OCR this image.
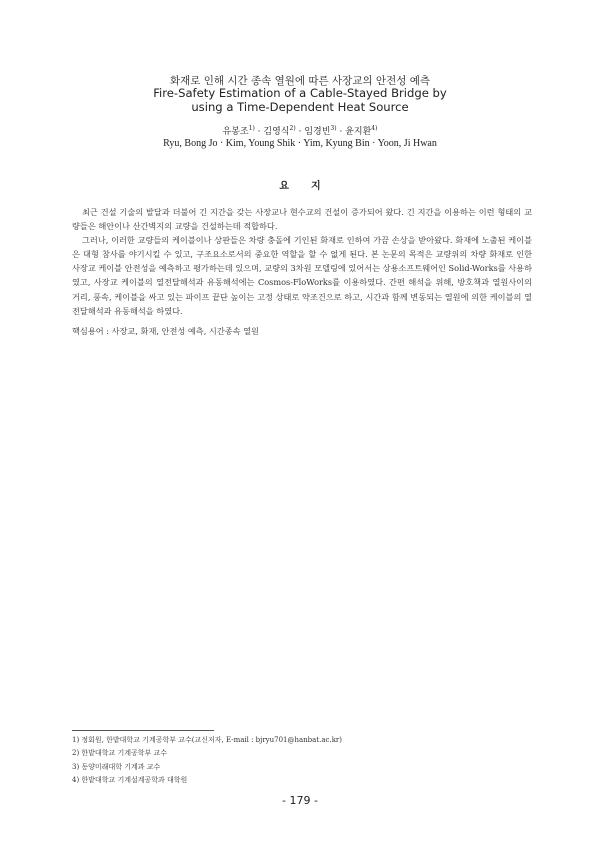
화재로 인해 시간 종속 열원에 따른 사장교의 안전성 예측
Fire-Safety Estimation of a Cable-Stayed Bridge by
using a Time-Dependent Heat Source
유봉조$^{1)}$ · 김영식$^{2)}$ · 임경빈$^{3)}$ · 윤지환$^{4)}$
Ryu, Bong Jo · Kim, Young Shik · Yim, Kyung Bin · Yoon, Ji Hwan
요지

최근 건설 기술의 발달과 더불어 긴 지간을 갖는 사장교나 현수교의 건설이 증가되어 왔다. 긴 지간을 이용하는 이런 형태의 교량들은 해안이나 산간벽지의 교량을 건설하는데 적합하다.

그러나, 이러한 교량들의 케이블이나 상판들은 차량 충돌에 기인된 화재로 인하여 가끔 손상을 받아왔다. 화재에 노출된 케이블은 대형 참사를 야기시킬 수 있고, 구조요소로서의 중요한 역할을 할 수 없게 된다. 본 논문의 목적은 교량위의 차량 화재로 인한 사장교 케이블 안전성을 예측하고 평가하는데 있으며, 교량의 3차원 모델링에 있어서는 상용소프트웨어인 Solid-Works를 사용하였고, 사장교 케이블의 열전달해석과 유동해석에는 Cosmos-FloWorks를 이용하였다. 간편 해석을 위해, 방호책과 열원사이의 거리, 풍속, 케이블을 싸고 있는 파이프 끝단 높이는 고정 상태로 약조건으로 하고, 시간과 함께 변동되는 열원에 의한 케이블의 열전달해석과 유동해석을 하였다.

핵심용어 : 사장교, 화재, 안전성 예측, 시간종속 열원
1) 정회원, 한밭대학교 기계공학부 교수(교신저자, E-mail : bjryu701@hanbat.ac.kr)
2) 한밭대학교 기계공학부 교수
3) 동양미래대학 기계과 교수
4) 한밭대학교 기계설계공학과 대학원
- 179 -
